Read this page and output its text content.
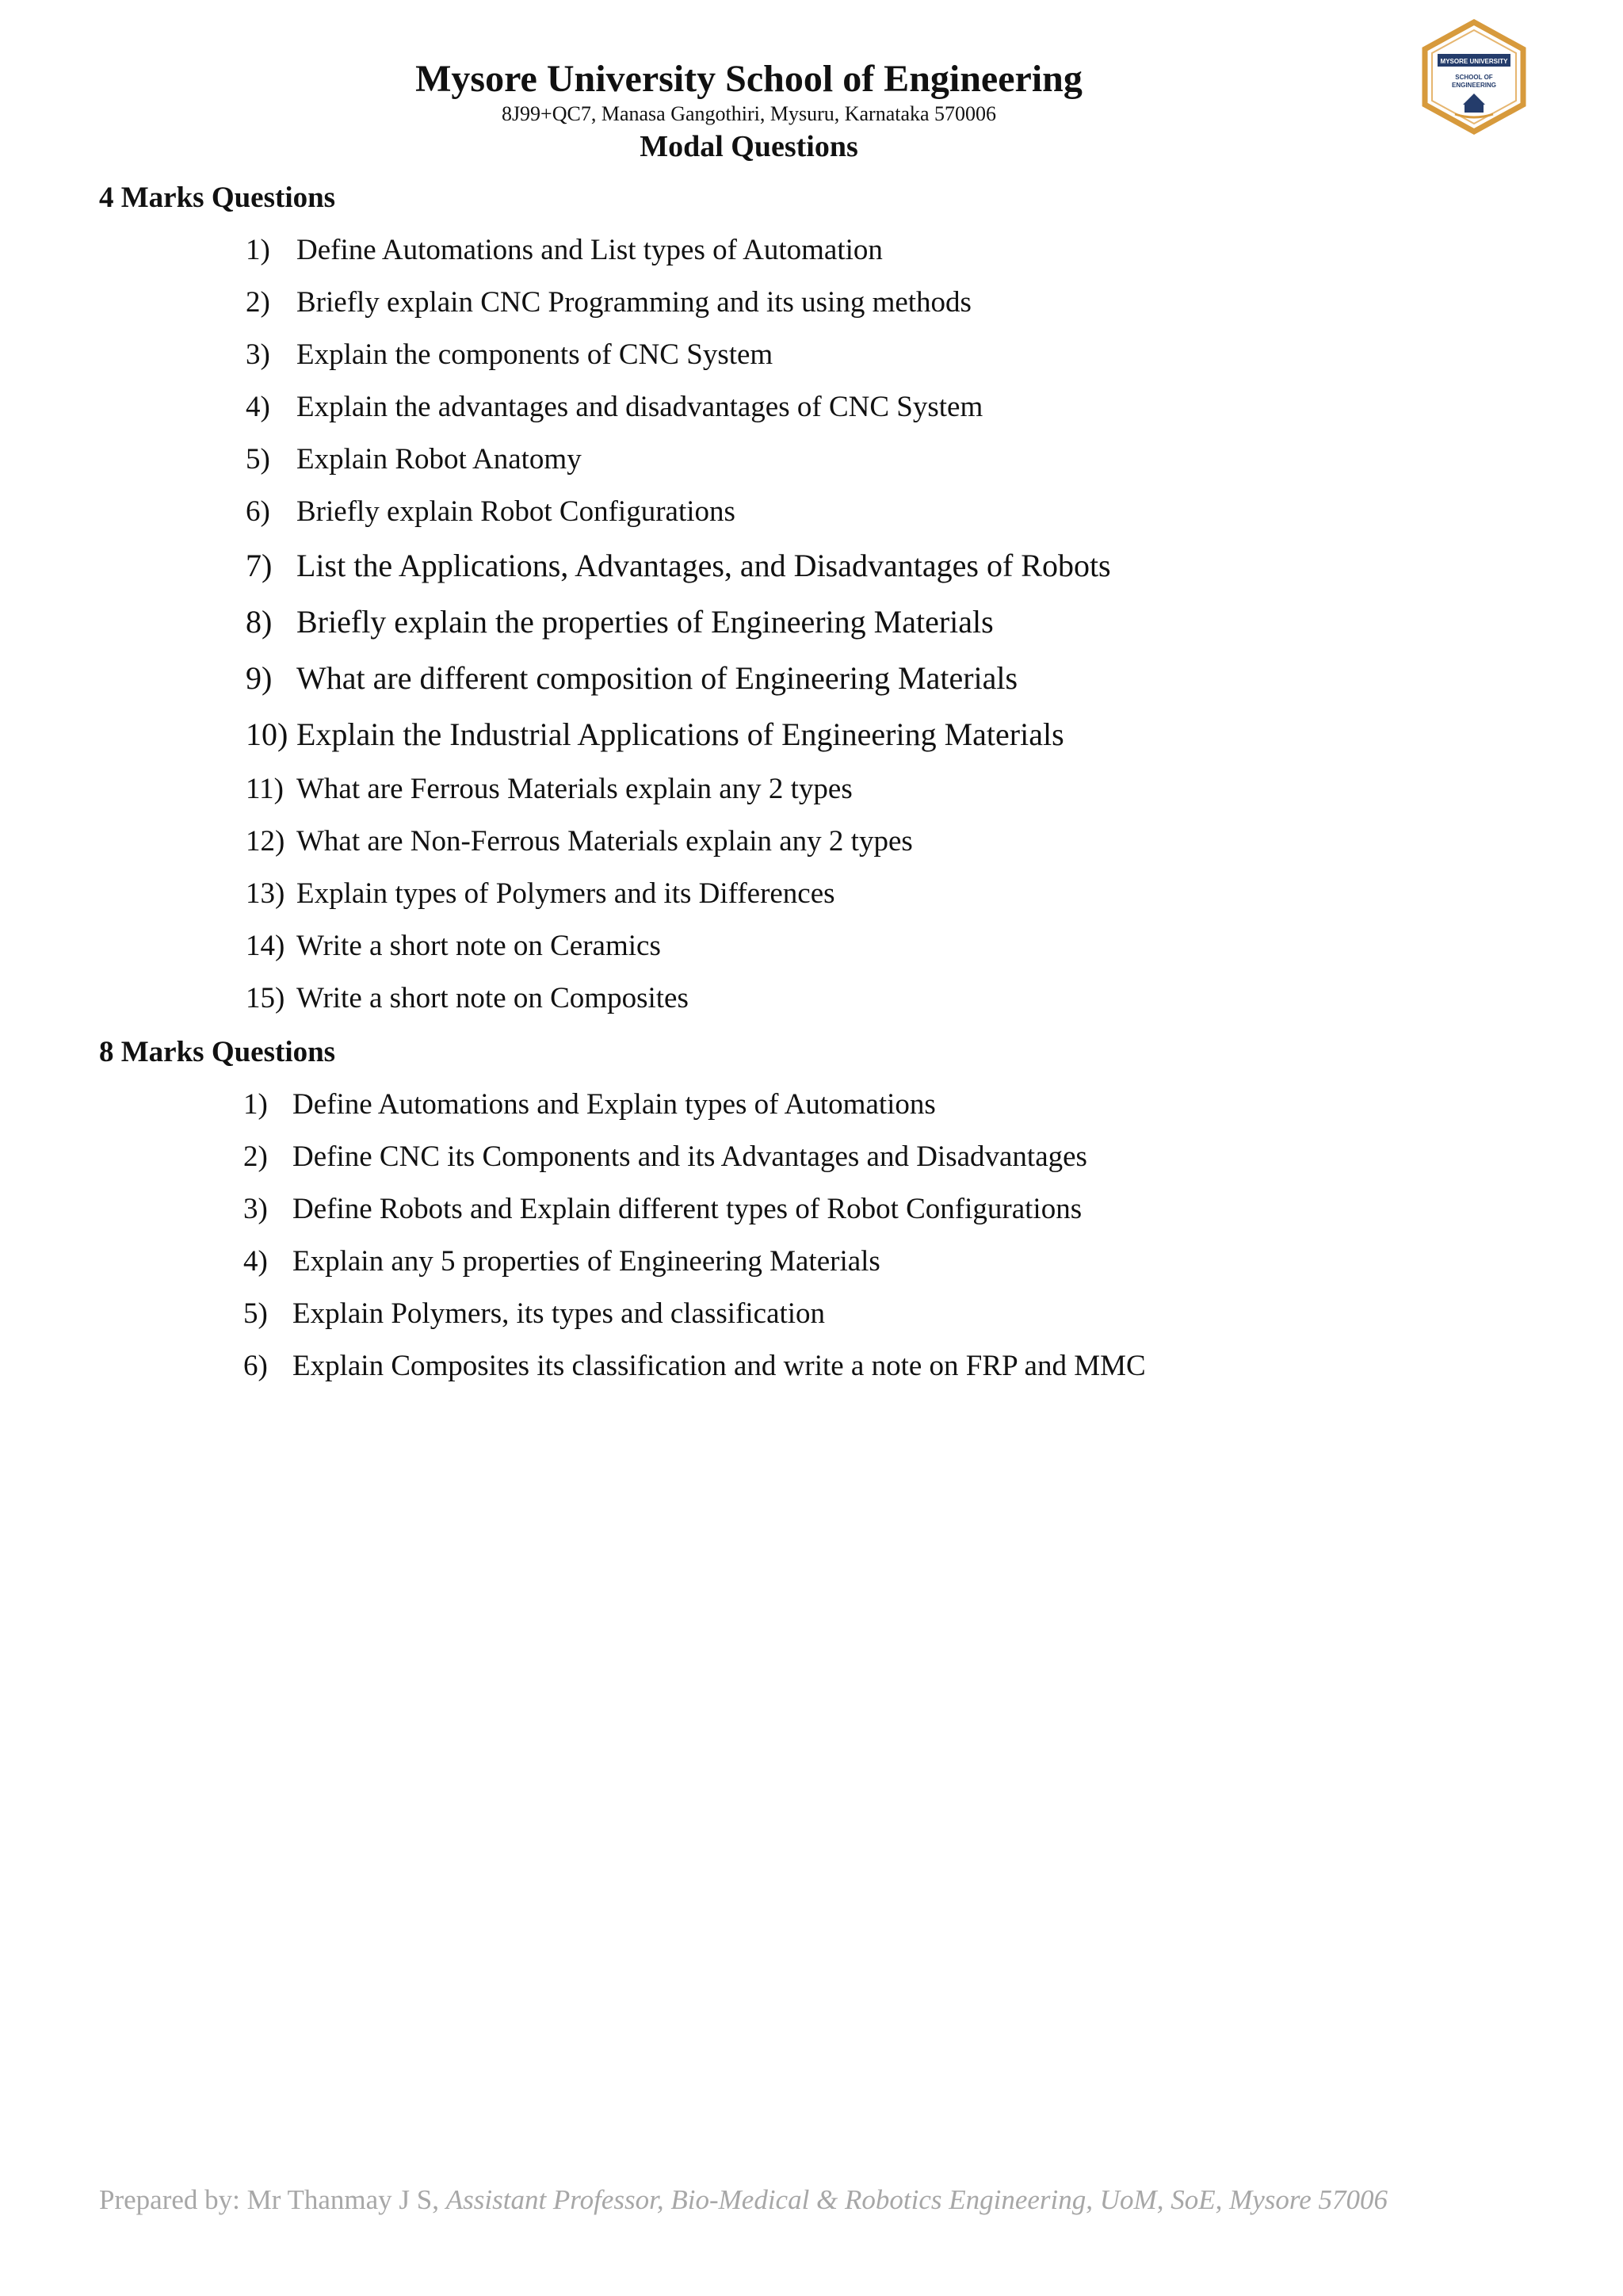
Mysore University School of Engineering

8J99+QC7, Manasa Gangothiri, Mysuru, Karnataka 570006

Modal Questions

MYSORE UNIVERSITY
SCHOOL OF
ENGINEERING
4 Marks Questions
1) Define Automations and List types of Automation
2) Briefly explain CNC Programming and its using methods
3) Explain the components of CNC System
4) Explain the advantages and disadvantages of CNC System
5) Explain Robot Anatomy
6) Briefly explain Robot Configurations
7) List the Applications, Advantages, and Disadvantages of Robots
8) Briefly explain the properties of Engineering Materials
9) What are different composition of Engineering Materials
10) Explain the Industrial Applications of Engineering Materials
11) What are Ferrous Materials explain any 2 types
12) What are Non-Ferrous Materials explain any 2 types
13) Explain types of Polymers and its Differences
14) Write a short note on Ceramics
15) Write a short note on Composites
8 Marks Questions
1) Define Automations and Explain types of Automations
2) Define CNC its Components and its Advantages and Disadvantages
3) Define Robots and Explain different types of Robot Configurations
4) Explain any 5 properties of Engineering Materials
5) Explain Polymers, its types and classification
6) Explain Composites its classification and write a note on FRP and MMC
Prepared by: Mr Thanmay J S, Assistant Professor, Bio-Medical & Robotics Engineering, UoM, SoE, Mysore 57006
